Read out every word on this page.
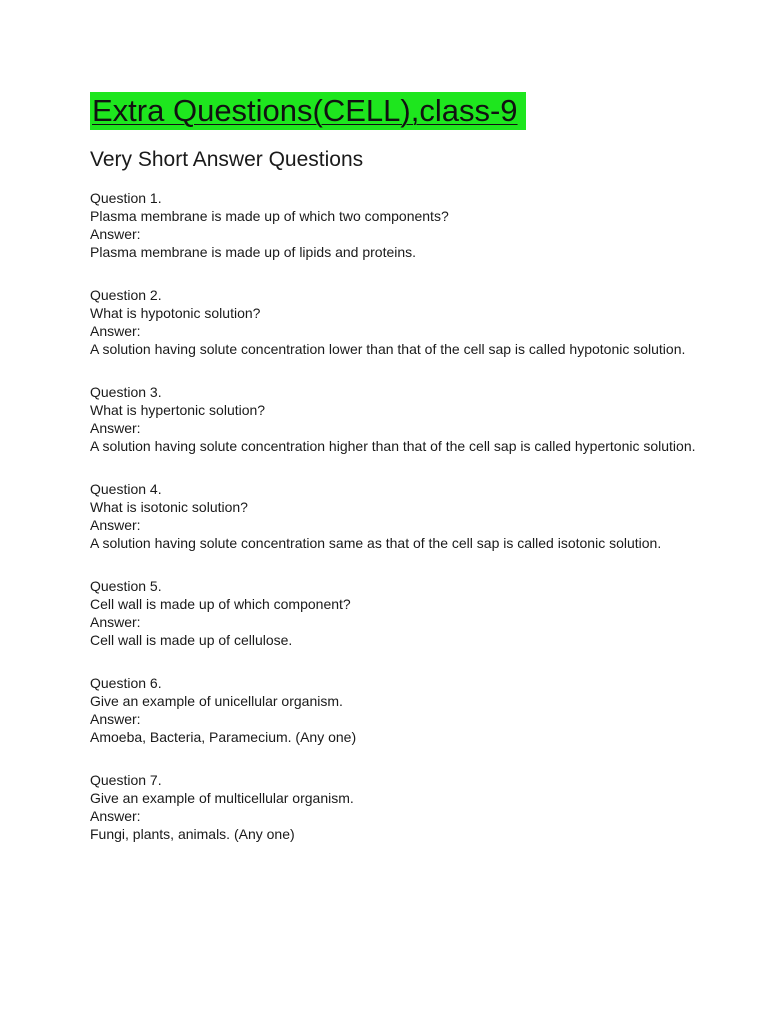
Extra Questions(CELL),class-9
Very Short Answer Questions
Question 1.
Plasma membrane is made up of which two components?
Answer:
Plasma membrane is made up of lipids and proteins.
Question 2.
What is hypotonic solution?
Answer:
A solution having solute concentration lower than that of the cell sap is called hypotonic solution.
Question 3.
What is hypertonic solution?
Answer:
A solution having solute concentration higher than that of the cell sap is called hypertonic solution.
Question 4.
What is isotonic solution?
Answer:
A solution having solute concentration same as that of the cell sap is called isotonic solution.
Question 5.
Cell wall is made up of which component?
Answer:
Cell wall is made up of cellulose.
Question 6.
Give an example of unicellular organism.
Answer:
Amoeba, Bacteria, Paramecium. (Any one)
Question 7.
Give an example of multicellular organism.
Answer:
Fungi, plants, animals. (Any one)
